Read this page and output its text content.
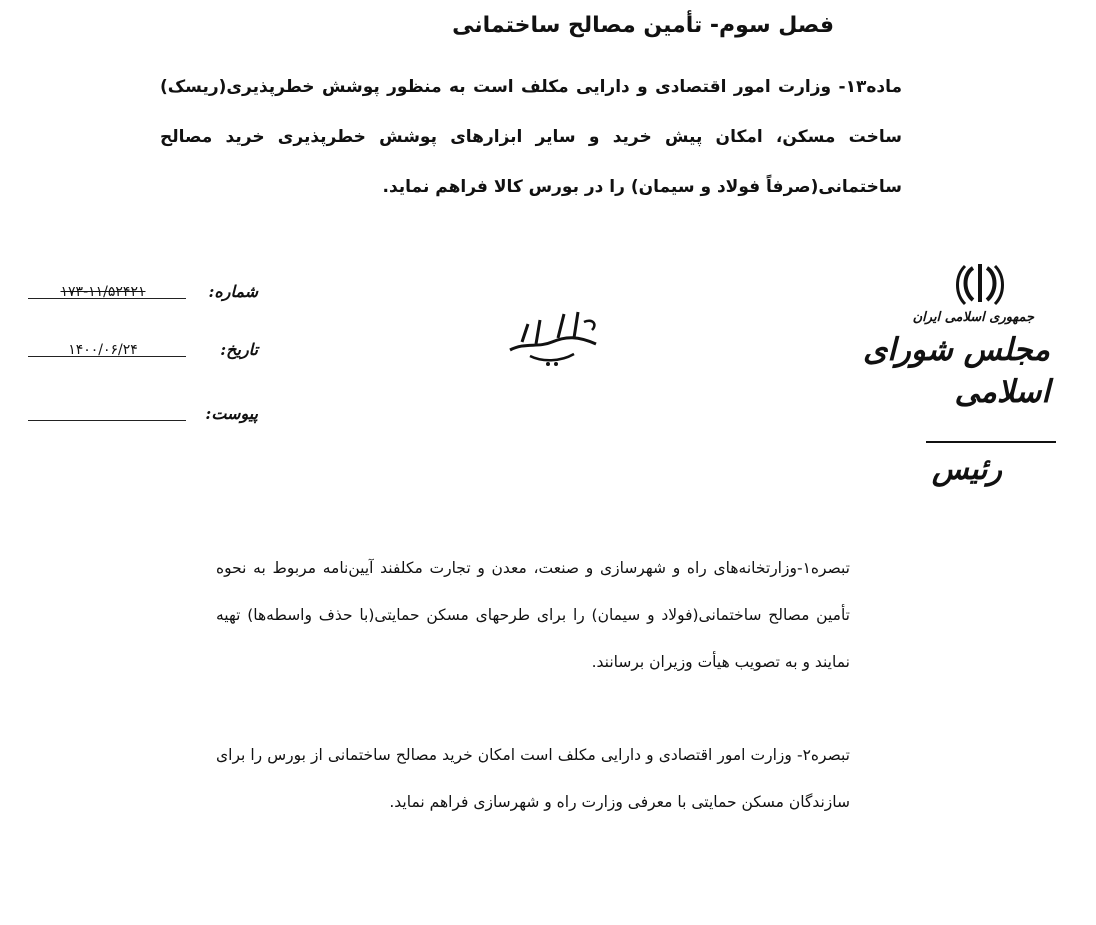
فصل سوم- تأمین مصالح ساختمانی
ماده۱۳- وزارت امور اقتصادی و دارایی مکلف است به منظور پوشش خطرپذیری(ریسک) ساخت مسکن، امکان پیش خرید و سایر ابزارهای پوشش خطرپذیری خرید مصالح ساختمانی(صرفاً فولاد و سیمان) را در بورس کالا فراهم نماید.
شماره:
۱۷۳-۱۱/۵۲۴۲۱
تاریخ:
۱۴۰۰/۰۶/۲۴
پیوست:
جمهوری اسلامی ایران
مجلس شورای
اسلامی
رئیس
تبصره۱-وزارتخانه‌های راه و شهرسازی و صنعت، معدن و تجارت مکلفند آیین‌نامه مربوط به نحوه تأمین مصالح ساختمانی(فولاد و سیمان) را برای طرحهای مسکن حمایتی(با حذف واسطه‌ها) تهیه نمایند و به تصویب هیأت وزیران برسانند.
تبصره۲- وزارت امور اقتصادی و دارایی مکلف است امکان خرید مصالح ساختمانی از بورس را برای سازندگان مسکن حمایتی با معرفی وزارت راه و شهرسازی فراهم نماید.
